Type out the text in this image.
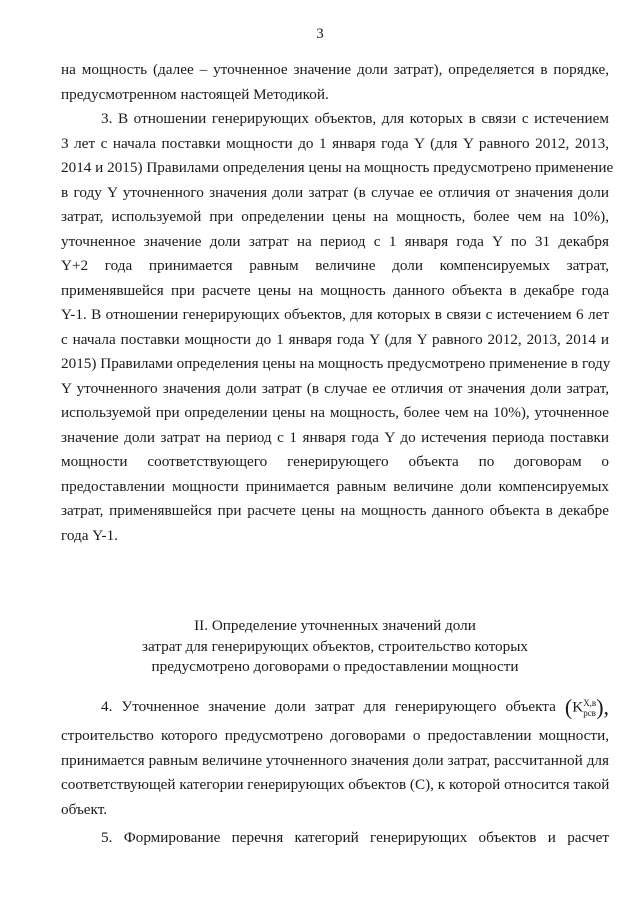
3
на мощность (далее – уточненное значение доли затрат), определяется в порядке,
предусмотренном настоящей Методикой.
3. В отношении генерирующих объектов, для которых в связи с истечением
3 лет с начала поставки мощности до 1 января года Y (для Y равного 2012, 2013,
2014 и 2015) Правилами определения цены на мощность предусмотрено применение
в году Y уточненного значения доли затрат (в случае ее отличия от значения доли
затрат, используемой при определении цены на мощность, более чем на 10%),
уточненное значение доли затрат на период с 1 января года Y по 31 декабря
Y+2 года принимается равным величине доли компенсируемых затрат,
применявшейся при расчете цены на мощность данного объекта в декабре года
Y-1. В отношении генерирующих объектов, для которых в связи с истечением 6 лет
с начала поставки мощности до 1 января года Y (для Y равного 2012, 2013, 2014 и
2015) Правилами определения цены на мощность предусмотрено применение в году
Y уточненного значения доли затрат (в случае ее отличия от значения доли затрат,
используемой при определении цены на мощность, более чем на 10%), уточненное
значение доли затрат на период с 1 января года Y до истечения периода поставки
мощности соответствующего генерирующего объекта по договорам о
предоставлении мощности принимается равным величине доли компенсируемых
затрат, применявшейся при расчете цены на мощность данного объекта в декабре
года Y-1.
II. Определение уточненных значений доли
затрат для генерирующих объектов, строительство которых
предусмотрено договорами о предоставлении мощности
4. Уточненное значение доли затрат для генерирующего объекта (K X,в
рсв ),
строительство которого предусмотрено договорами о предоставлении мощности,
принимается равным величине уточненного значения доли затрат, рассчитанной для
соответствующей категории генерирующих объектов (С), к которой относится такой
объект.
5. Формирование перечня категорий генерирующих объектов и расчет
